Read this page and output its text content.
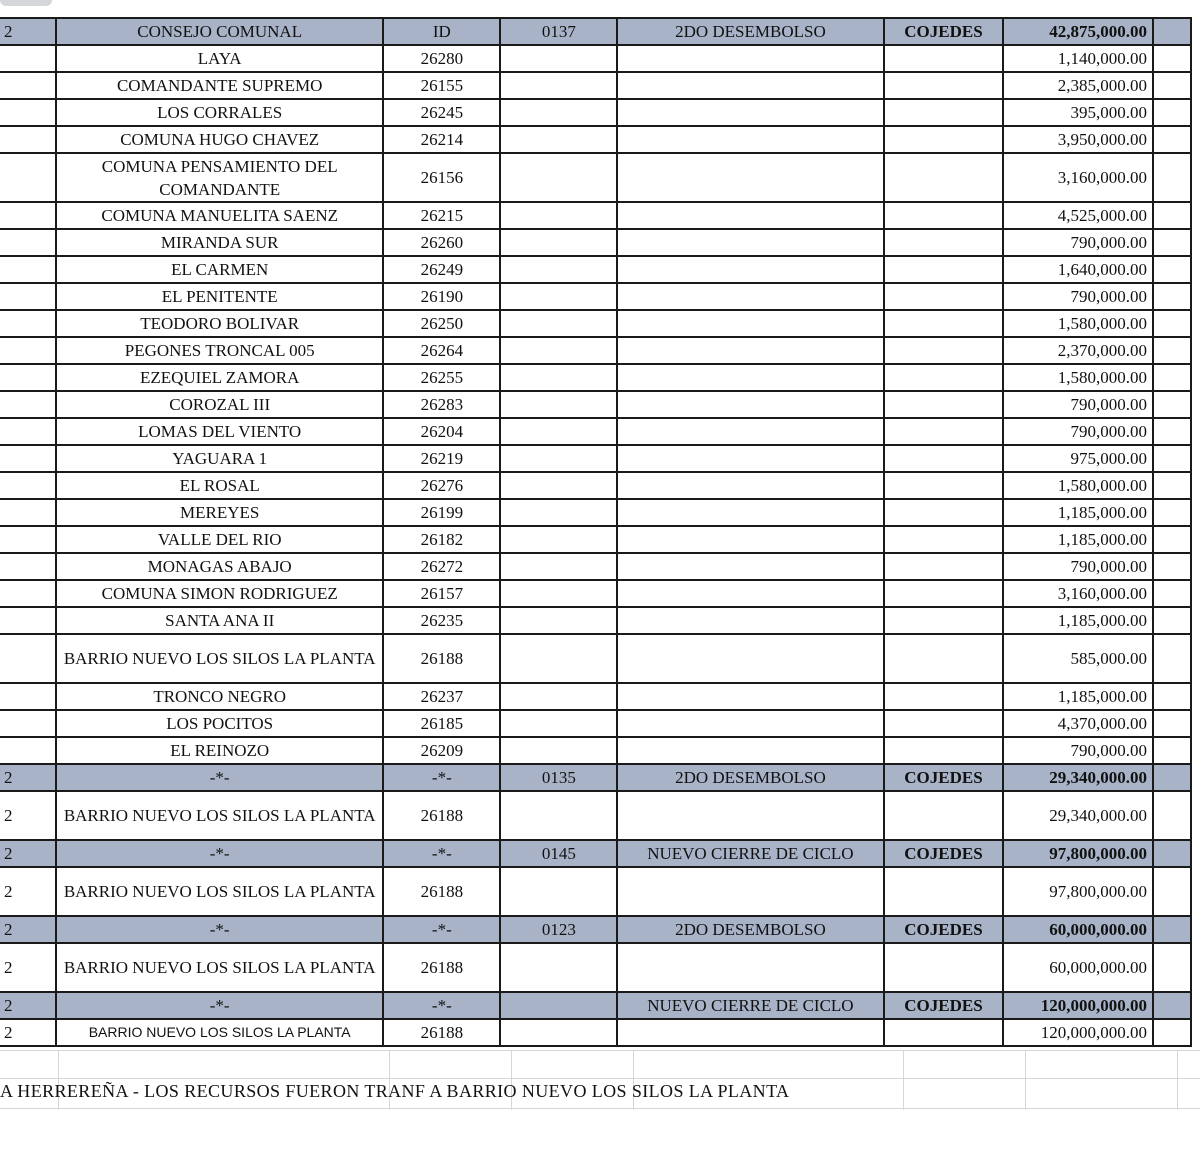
2	CONSEJO COMUNAL	ID	0137	2DO DESEMBOLSO	COJEDES	42,875,000.00	
	LAYA	26280				1,140,000.00	
	COMANDANTE SUPREMO	26155				2,385,000.00	
	LOS CORRALES	26245				395,000.00	
	COMUNA HUGO CHAVEZ	26214				3,950,000.00	
	COMUNA PENSAMIENTO DEL COMANDANTE	26156				3,160,000.00	
	COMUNA MANUELITA SAENZ	26215				4,525,000.00	
	MIRANDA SUR	26260				790,000.00	
	EL CARMEN	26249				1,640,000.00	
	EL PENITENTE	26190				790,000.00	
	TEODORO BOLIVAR	26250				1,580,000.00	
	PEGONES TRONCAL 005	26264				2,370,000.00	
	EZEQUIEL ZAMORA	26255				1,580,000.00	
	COROZAL III	26283				790,000.00	
	LOMAS DEL VIENTO	26204				790,000.00	
	YAGUARA 1	26219				975,000.00	
	EL ROSAL	26276				1,580,000.00	
	MEREYES	26199				1,185,000.00	
	VALLE DEL RIO	26182				1,185,000.00	
	MONAGAS ABAJO	26272				790,000.00	
	COMUNA SIMON RODRIGUEZ	26157				3,160,000.00	
	SANTA ANA II	26235				1,185,000.00	
	BARRIO NUEVO LOS SILOS LA PLANTA	26188				585,000.00	
	TRONCO NEGRO	26237				1,185,000.00	
	LOS POCITOS	26185				4,370,000.00	
	EL REINOZO	26209				790,000.00	
2	-*-	-*-	0135	2DO DESEMBOLSO	COJEDES	29,340,000.00	
2	BARRIO NUEVO LOS SILOS LA PLANTA	26188				29,340,000.00	
2	-*-	-*-	0145	NUEVO CIERRE DE CICLO	COJEDES	97,800,000.00	
2	BARRIO NUEVO LOS SILOS LA PLANTA	26188				97,800,000.00	
2	-*-	-*-	0123	2DO DESEMBOLSO	COJEDES	60,000,000.00	
2	BARRIO NUEVO LOS SILOS LA PLANTA	26188				60,000,000.00	
2	-*-	-*-		NUEVO CIERRE DE CICLO	COJEDES	120,000,000.00	
2	BARRIO NUEVO LOS SILOS LA PLANTA	26188				120,000,000.00	
A HERREREÑA - LOS RECURSOS FUERON TRANF A BARRIO NUEVO LOS SILOS LA PLANTA
